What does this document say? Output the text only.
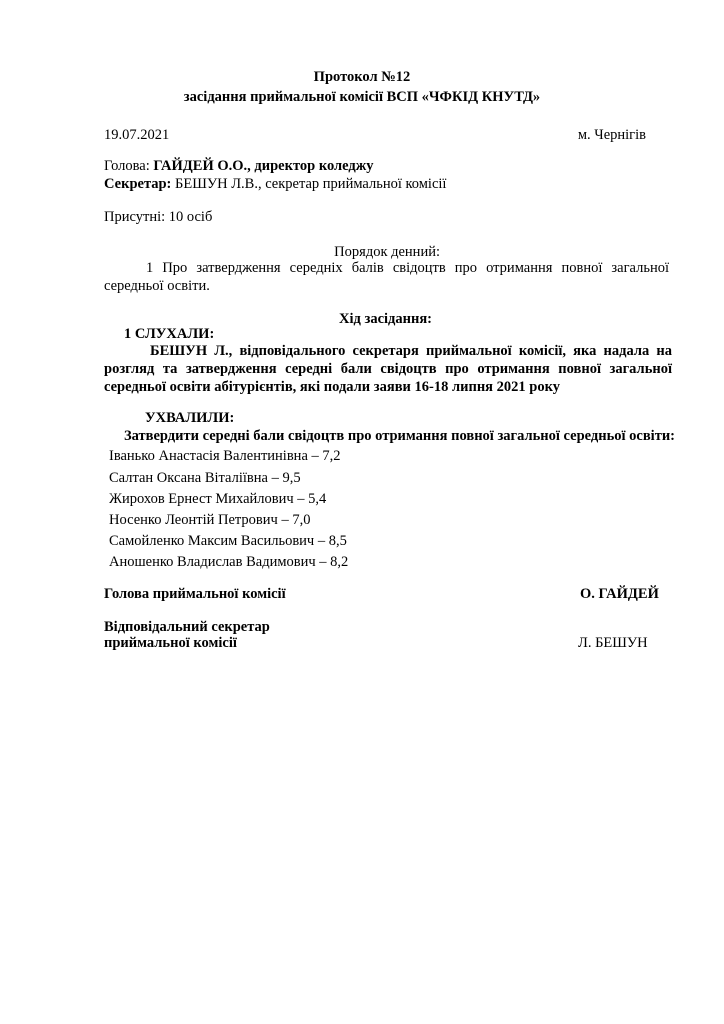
Протокол №12
засідання приймальної комісії ВСП «ЧФКІД КНУТД»
19.07.2021	м. Чернігів
Голова: ГАЙДЕЙ О.О., директор коледжу
Секретар: БЕШУН Л.В., секретар приймальної комісії
Присутні: 10 осіб
Порядок денний:
1 Про затвердження середніх балів свідоцтв про отримання повної загальної середньої освіти.
Хід засідання:
1 СЛУХАЛИ:
БЕШУН Л., відповідального секретаря приймальної комісії, яка надала на розгляд та затвердження середні бали свідоцтв про отримання повної загальної середньої освіти абітурієнтів, які подали заяви 16-18 липня 2021 року
УХВАЛИЛИ:
Затвердити середні бали свідоцтв про отримання повної загальної середньої освіти:
Іванько Анастасія Валентинівна – 7,2
Салтан Оксана Віталіївна – 9,5
Жирохов Ернест Михайлович – 5,4
Носенко Леонтій Петрович – 7,0
Самойленко Максим Васильович – 8,5
Аношенко Владислав Вадимович – 8,2
Голова приймальної комісії	О. ГАЙДЕЙ
Відповідальний секретар
приймальної комісії	Л. БЕШУН
